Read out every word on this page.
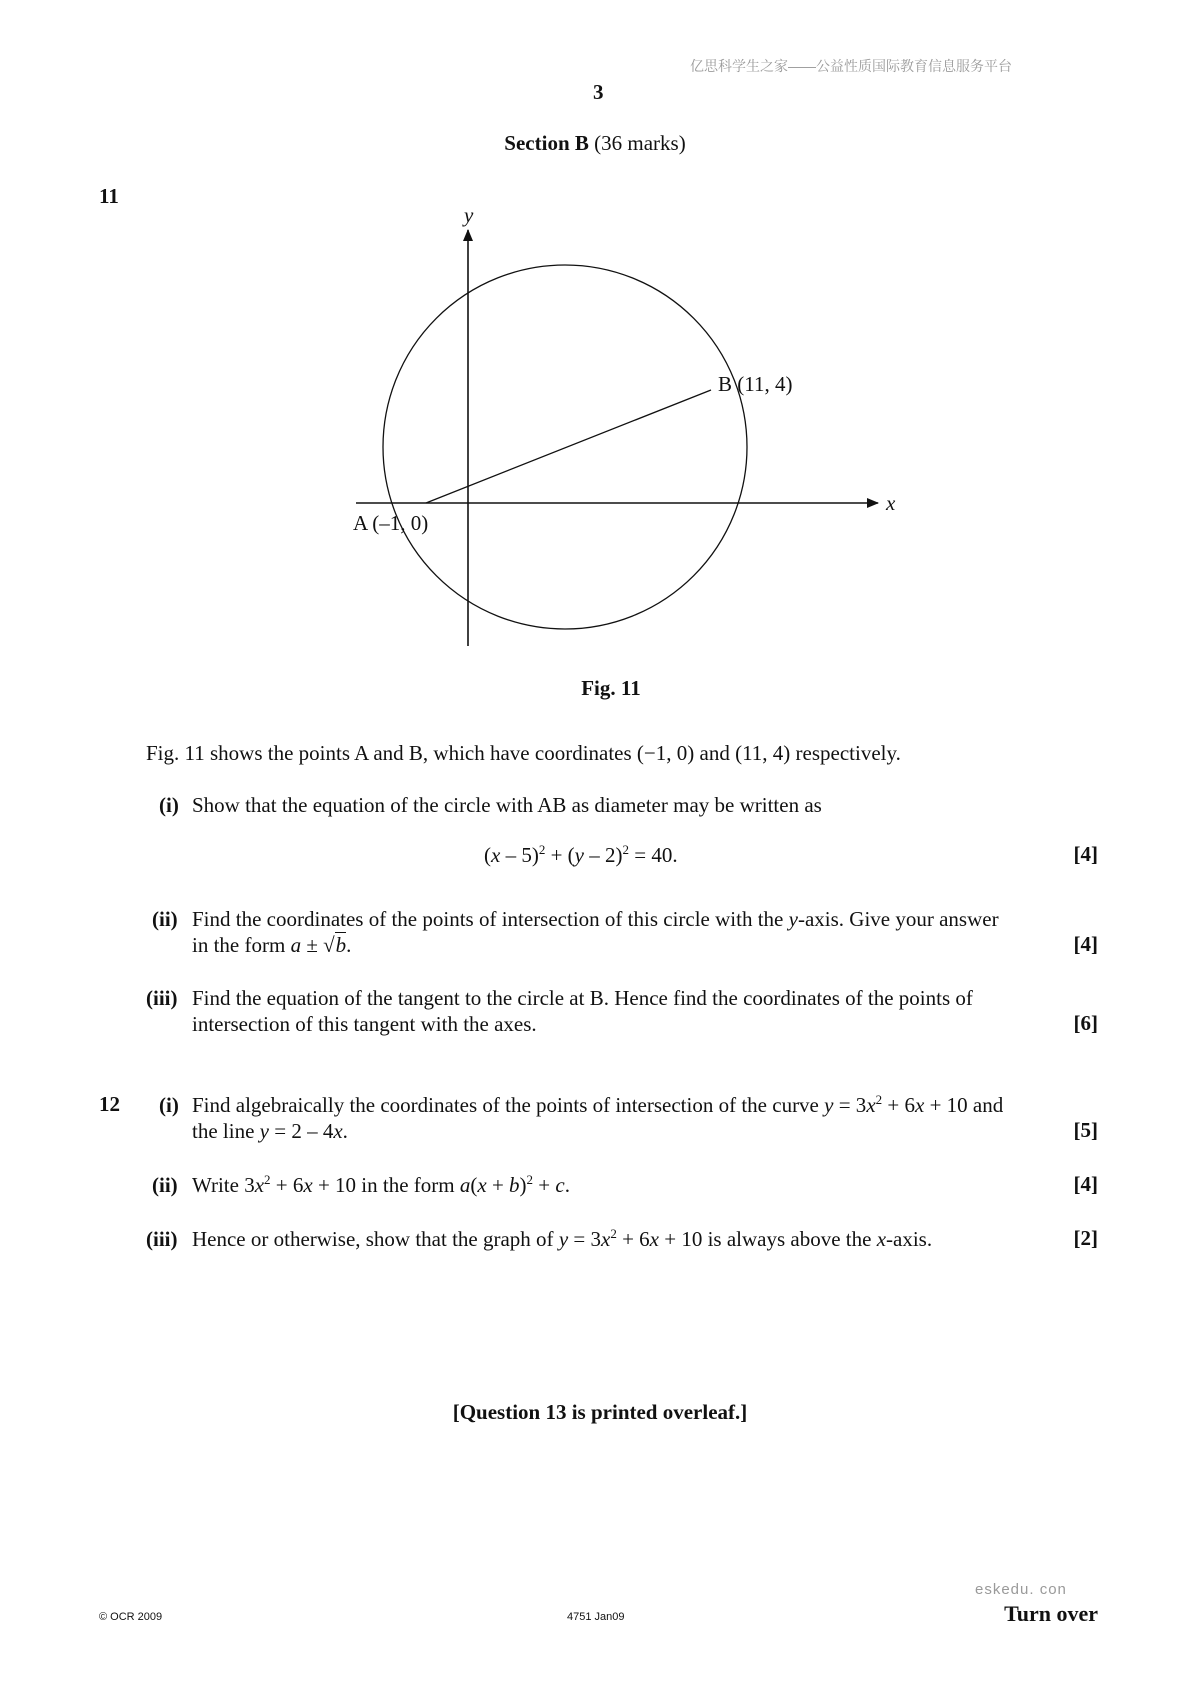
亿思科学生之家——公益性质国际教育信息服务平台
3
Section B (36 marks)
11
y
x
B (11, 4)
A (–1, 0)
Fig. 11
Fig. 11 shows the points A and B, which have coordinates (−1, 0) and (11, 4) respectively.
(i) Show that the equation of the circle with AB as diameter may be written as
(x – 5)$^2$ + (y – 2)$^2$ = 40.	[4]
(ii) Find the coordinates of the points of intersection of this circle with the y-axis. Give your answer
in the form a ± √b.	[4]
(iii) Find the equation of the tangent to the circle at B. Hence find the coordinates of the points of
intersection of this tangent with the axes.	[6]
12 (i) Find algebraically the coordinates of the points of intersection of the curve $y = 3x^2 + 6x + 10$ and
the line y = 2 – 4x.	[5]
(ii) Write $3x^2 + 6x + 10$ in the form $a(x + b)^2 + c$.	[4]
(iii) Hence or otherwise, show that the graph of $y = 3x^2 + 6x + 10$ is always above the x-axis.	[2]
[Question 13 is printed overleaf.]
eskedu. con
© OCR 2009	4751 Jan09	Turn over
